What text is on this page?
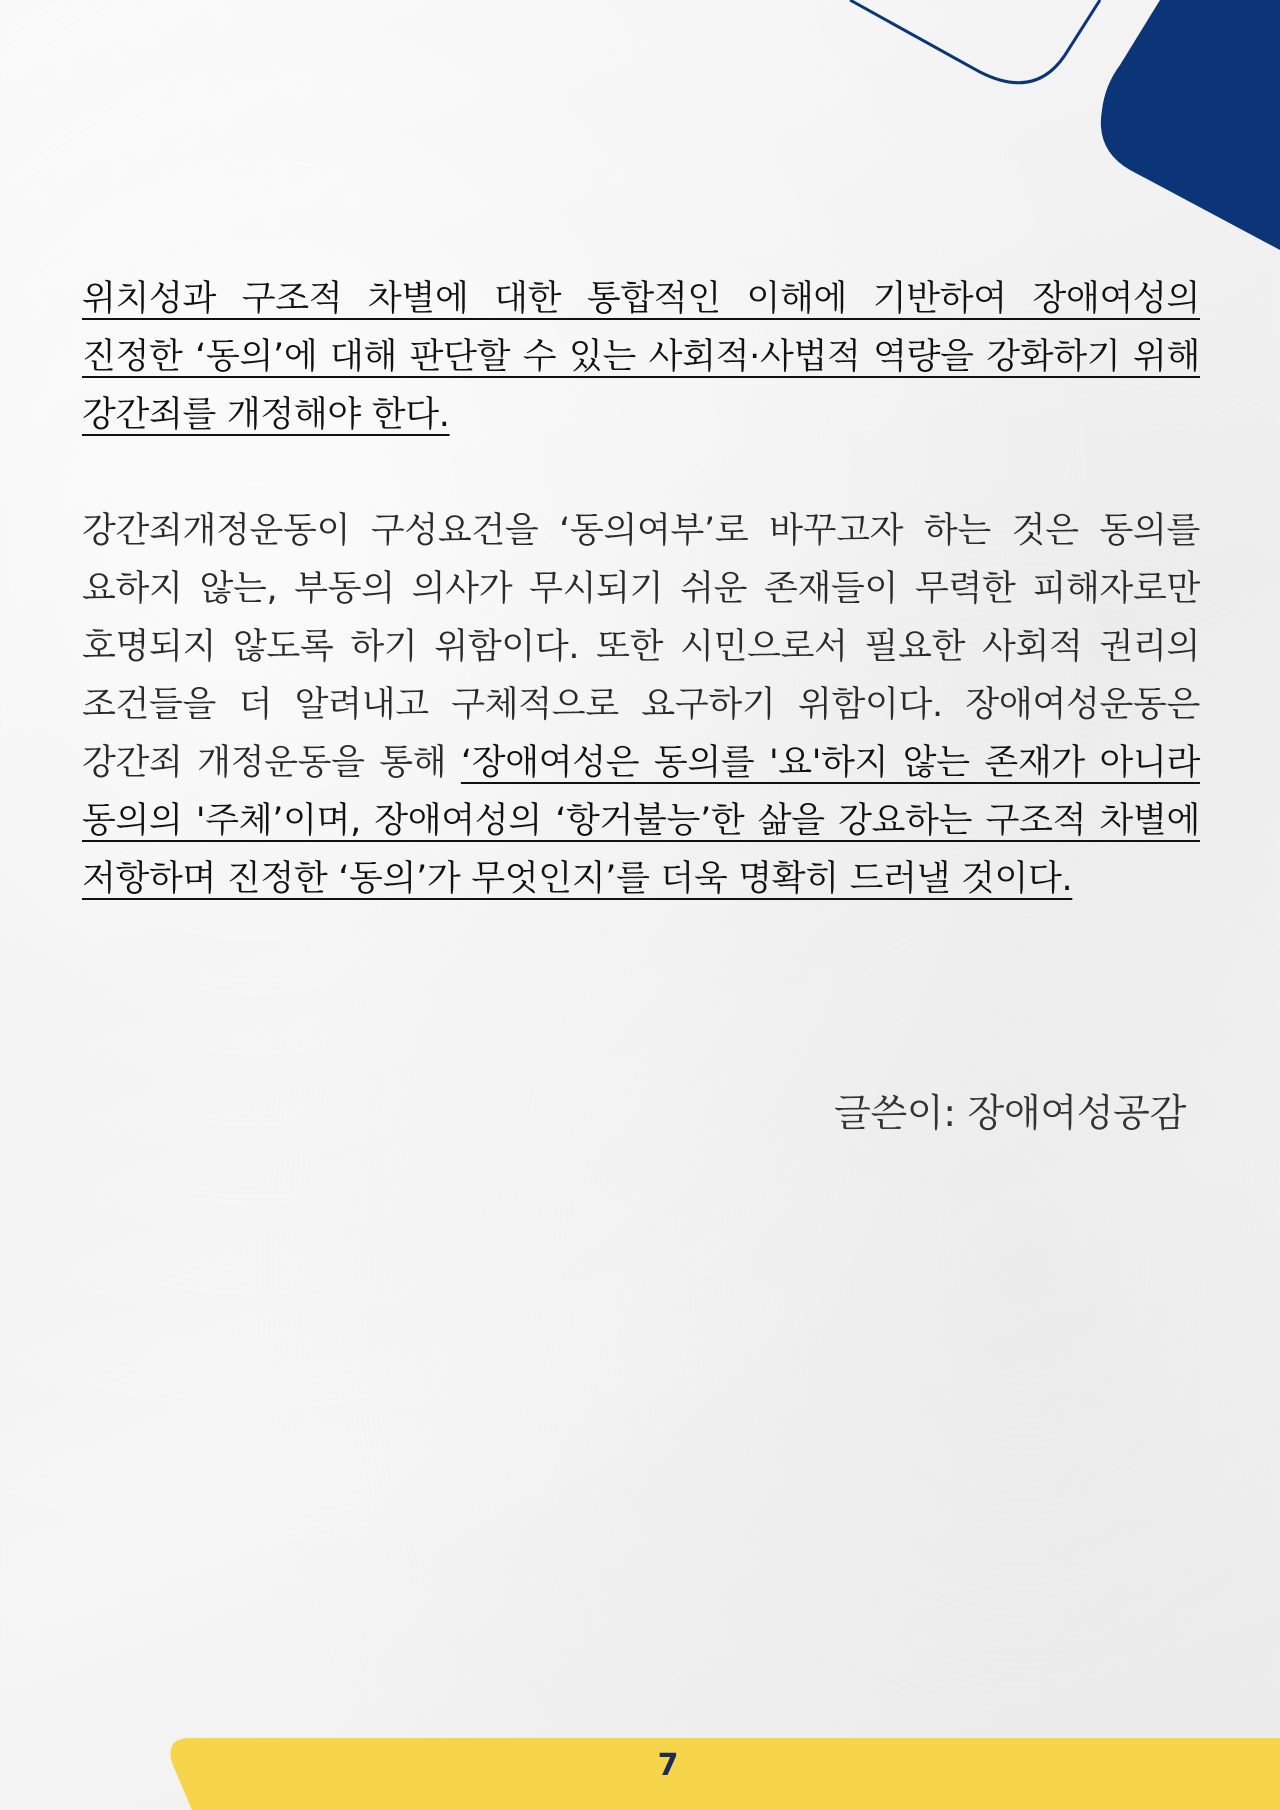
위치성과 구조적 차별에 대한 통합적인 이해에 기반하여 장애여성의 진정한 ‘동의’에 대해 판단할 수 있는 사회적·사법적 역량을 강화하기 위해 강간죄를 개정해야 한다.

강간죄개정운동이 구성요건을 ‘동의여부’로 바꾸고자 하는 것은 동의를 요하지 않는, 부동의 의사가 무시되기 쉬운 존재들이 무력한 피해자로만 호명되지 않도록 하기 위함이다. 또한 시민으로서 필요한 사회적 권리의 조건들을 더 알려내고 구체적으로 요구하기 위함이다. 장애여성운동은 강간죄 개정운동을 통해 ‘장애여성은 동의를 '요'하지 않는 존재가 아니라 동의의 '주체’이며, 장애여성의 ‘항거불능’한 삶을 강요하는 구조적 차별에 저항하며 진정한 ‘동의’가 무엇인지’를 더욱 명확히 드러낼 것이다.

글쓴이: 장애여성공감
7
